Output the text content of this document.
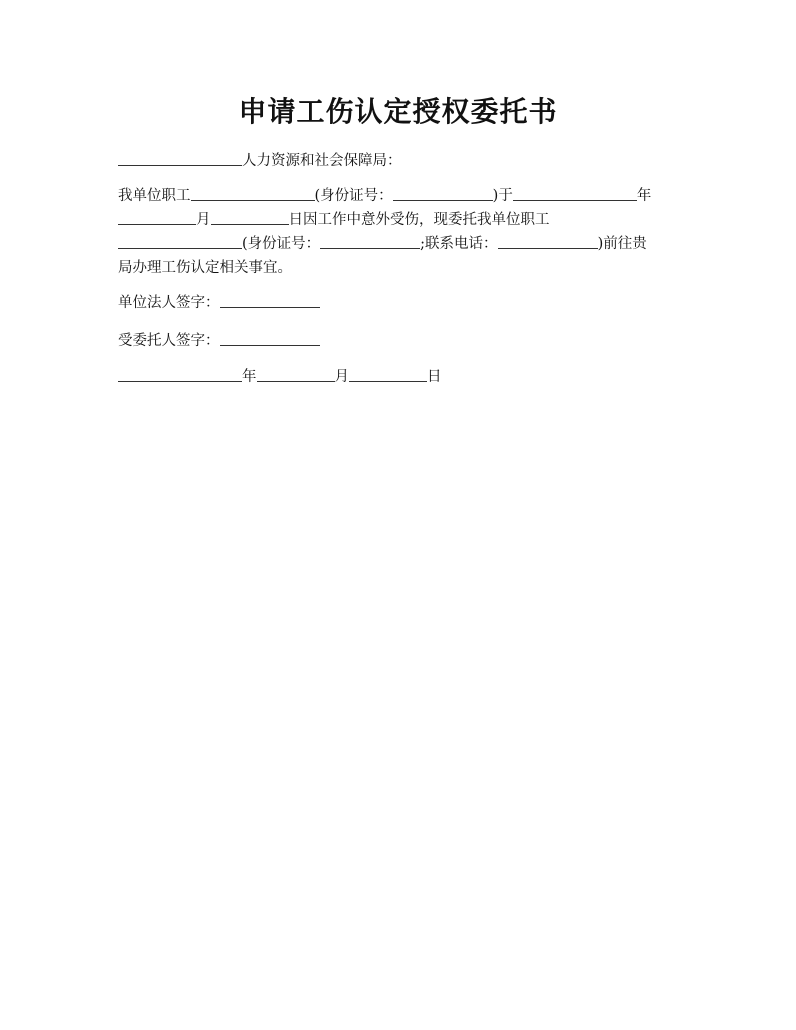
申请工伤认定授权委托书
人力资源和社会保障局：
我单位职工	(身份证号：	)于	年
月	日因工作中意外受伤，现委托我单位职工
(身份证号：	;联系电话：	)前往贵
局办理工伤认定相关事宜。
单位法人签字：
受委托人签字：
年	月	日
